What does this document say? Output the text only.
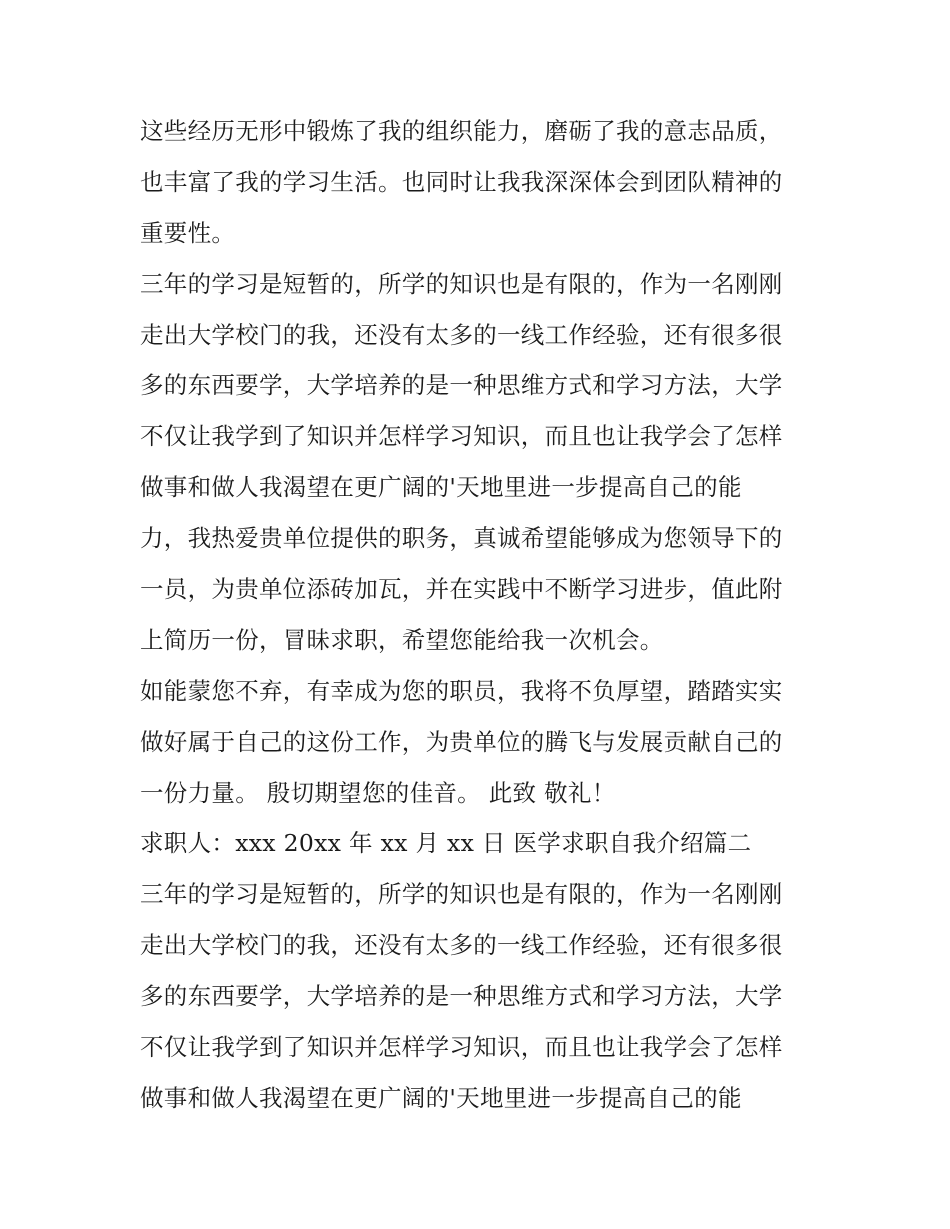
这些经历无形中锻炼了我的组织能力，磨砺了我的意志品质，
也丰富了我的学习生活。也同时让我我深深体会到团队精神的
重要性。
三年的学习是短暂的，所学的知识也是有限的，作为一名刚刚
走出大学校门的我，还没有太多的一线工作经验，还有很多很
多的东西要学，大学培养的是一种思维方式和学习方法，大学
不仅让我学到了知识并怎样学习知识，而且也让我学会了怎样
做事和做人我渴望在更广阔的'天地里进一步提高自己的能
力，我热爱贵单位提供的职务，真诚希望能够成为您领导下的
一员，为贵单位添砖加瓦，并在实践中不断学习进步，值此附
上简历一份，冒昧求职，希望您能给我一次机会。
如能蒙您不弃，有幸成为您的职员，我将不负厚望，踏踏实实
做好属于自己的这份工作，为贵单位的腾飞与发展贡献自己的
一份力量。 殷切期望您的佳音。 此致 敬礼！
求职人：xxx 20xx 年 xx 月 xx 日 医学求职自我介绍篇二
三年的学习是短暂的，所学的知识也是有限的，作为一名刚刚
走出大学校门的我，还没有太多的一线工作经验，还有很多很
多的东西要学，大学培养的是一种思维方式和学习方法，大学
不仅让我学到了知识并怎样学习知识，而且也让我学会了怎样
做事和做人我渴望在更广阔的'天地里进一步提高自己的能
